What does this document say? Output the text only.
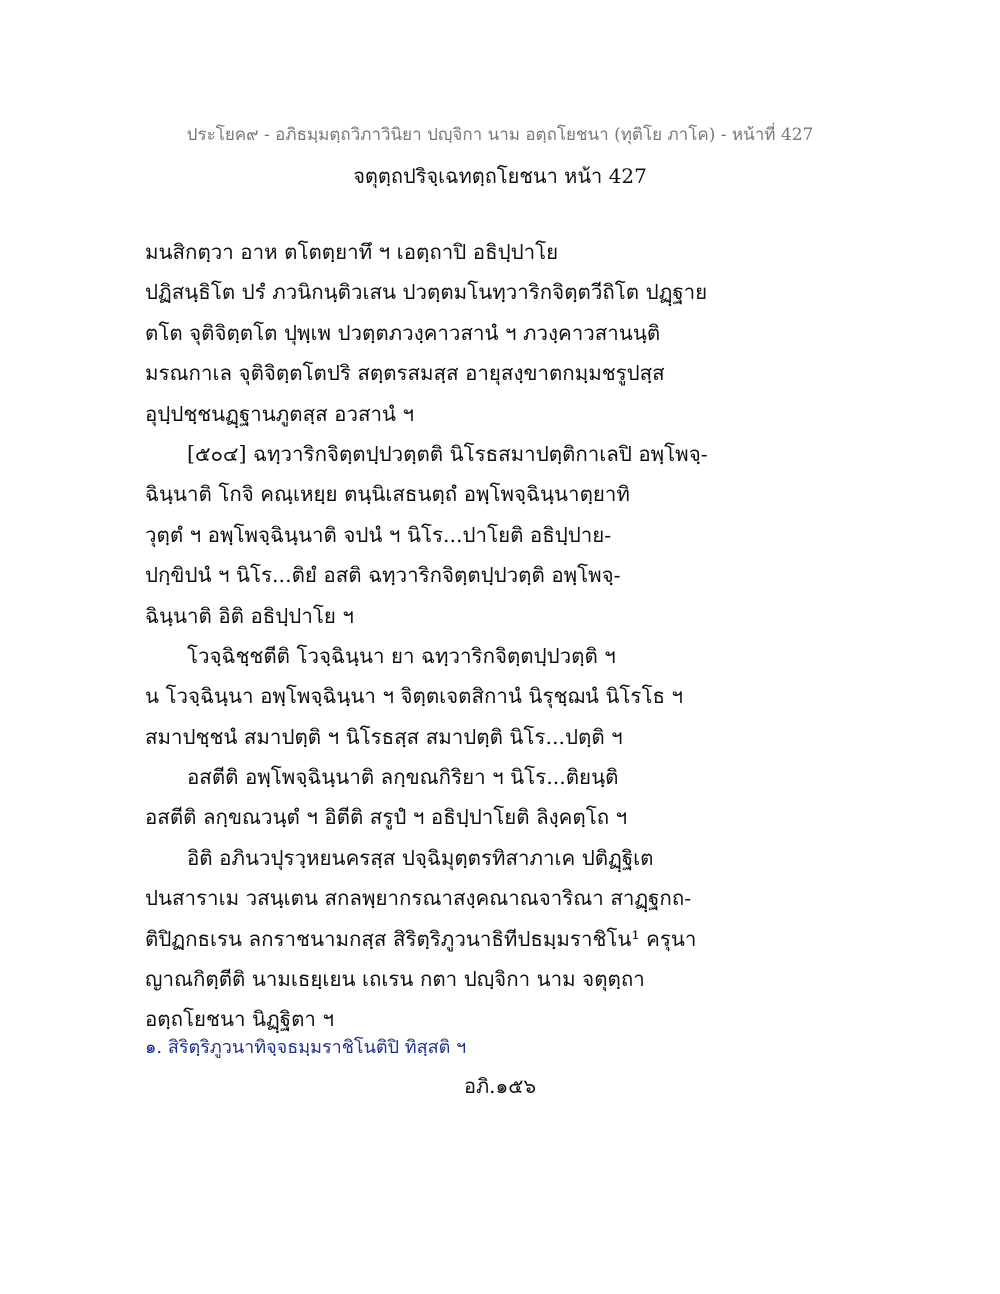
ประโยค๙ - อภิธมฺมตฺถวิภาวินิยา ปญฺจิกา นาม อตฺถโยชนา (ทุติโย ภาโค) - หน้าที่ 427
จตุตฺถปริจฺเฉทตฺถโยชนา หน้า 427
มนสิกตฺวา อาห ตโตตฺยาทึ ฯ เอตฺถาปิ อธิปฺปาโย
ปฏิสนฺธิโต ปรํ ภวนิกนฺติวเสน ปวตฺตมโนทฺวาริกจิตฺตวีถิโต ปฏฺฐาย
ตโต จุติจิตฺตโต ปุพฺเพ ปวตฺตภวงฺคาวสานํ ฯ ภวงฺคาวสานนฺติ
มรณกาเล จุติจิตฺตโตปริ สตฺตรสมสฺส อายุสงฺขาตกมฺมชรูปสฺส
อุปฺปชฺชนฏฺฐานภูตสฺส อวสานํ ฯ
[๕๐๔] ฉทฺวาริกจิตฺตปฺปวตฺตติ นิโรธสมาปตฺติกาเลปิ อพฺโพจฺ-
ฉินฺนาติ โกจิ คณฺเหยฺย ตนฺนิเสธนตฺถํ อพฺโพจฺฉินฺนาตฺยาทิ
วุตฺตํ ฯ อพฺโพจฺฉินฺนาติ จปนํ ฯ นิโร...ปาโยติ อธิปฺปาย-
ปกฺขิปนํ ฯ นิโร...ติยํ อสติ ฉทฺวาริกจิตฺตปฺปวตฺติ อพฺโพจฺ-
ฉินฺนาติ อิติ อธิปฺปาโย ฯ
โวจฺฉิชฺชตีติ โวจฺฉินฺนา ยา ฉทฺวาริกจิตฺตปฺปวตฺติ ฯ
น โวจฺฉินฺนา อพฺโพจฺฉินฺนา ฯ จิตฺตเจตสิกานํ นิรุชฺฌนํ นิโรโธ ฯ
สมาปชฺชนํ สมาปตฺติ ฯ นิโรธสฺส สมาปตฺติ นิโร...ปตฺติ ฯ
อสตีติ อพฺโพจฺฉินฺนาติ ลกฺขณกิริยา ฯ นิโร...ติยนฺติ
อสตีติ ลกฺขณวนฺตํ ฯ อิตีติ สรูปํ ฯ อธิปฺปาโยติ ลิงฺคตฺโถ ฯ
อิติ อภินวปุรวฺหยนครสฺส ปจฺฉิมุตฺตรทิสาภาเค ปติฏฺฐิเต
ปนสาราเม วสนฺเตน สกลพฺยากรณาสงฺคณาณจาริณา สาฏฺฐกถ-
ติปิฏกธเรน ลกราชนามกสฺส สิริตฺริภูวนาธิทีปธมฺมราชิโน¹ ครุนา
ญาณกิตฺตีติ นามเธยฺเยน เถเรน กตา ปญฺจิกา นาม จตุตฺถา
อตฺถโยชนา นิฏฺฐิตา ฯ
๑. สิริตฺริภูวนาทิจฺจธมฺมราชิโนติปิ ทิสฺสติ ฯ
อภิ.๑๕๖
